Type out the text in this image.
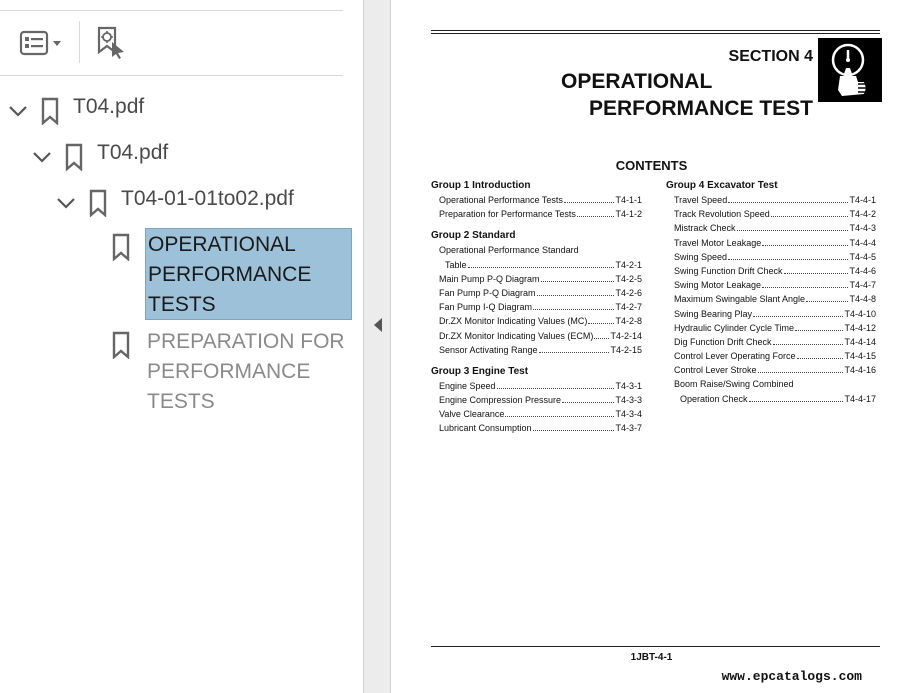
T04.pdf
T04.pdf
T04-01-01to02.pdf
OPERATIONAL PERFORMANCE TESTS
PREPARATION FOR PERFORMANCE TESTS
SECTION 4
OPERATIONAL
PERFORMANCE TEST
CONTENTS
Group 1 Introduction
Operational Performance Tests	T4-1-1
Preparation for Performance Tests	T4-1-2
Group 2 Standard
Operational Performance Standard
Table	T4-2-1
Main Pump P-Q Diagram	T4-2-5
Fan Pump P-Q Diagram	T4-2-6
Fan Pump I-Q Diagram	T4-2-7
Dr.ZX Monitor Indicating Values (MC)	T4-2-8
Dr.ZX Monitor Indicating Values (ECM) T4-2-14
Sensor Activating Range	T4-2-15
Group 3 Engine Test
Engine Speed	T4-3-1
Engine Compression Pressure	T4-3-3
Valve Clearance	T4-3-4
Lubricant Consumption	T4-3-7
Group 4 Excavator Test
Travel Speed	T4-4-1
Track Revolution Speed	T4-4-2
Mistrack Check	T4-4-3
Travel Motor Leakage	T4-4-4
Swing Speed	T4-4-5
Swing Function Drift Check	T4-4-6
Swing Motor Leakage	T4-4-7
Maximum Swingable Slant Angle	T4-4-8
Swing Bearing Play	T4-4-10
Hydraulic Cylinder Cycle Time	T4-4-12
Dig Function Drift Check	T4-4-14
Control Lever Operating Force	T4-4-15
Control Lever Stroke	T4-4-16
Boom Raise/Swing Combined
Operation Check	T4-4-17
1JBT-4-1
www.epcatalogs.com
